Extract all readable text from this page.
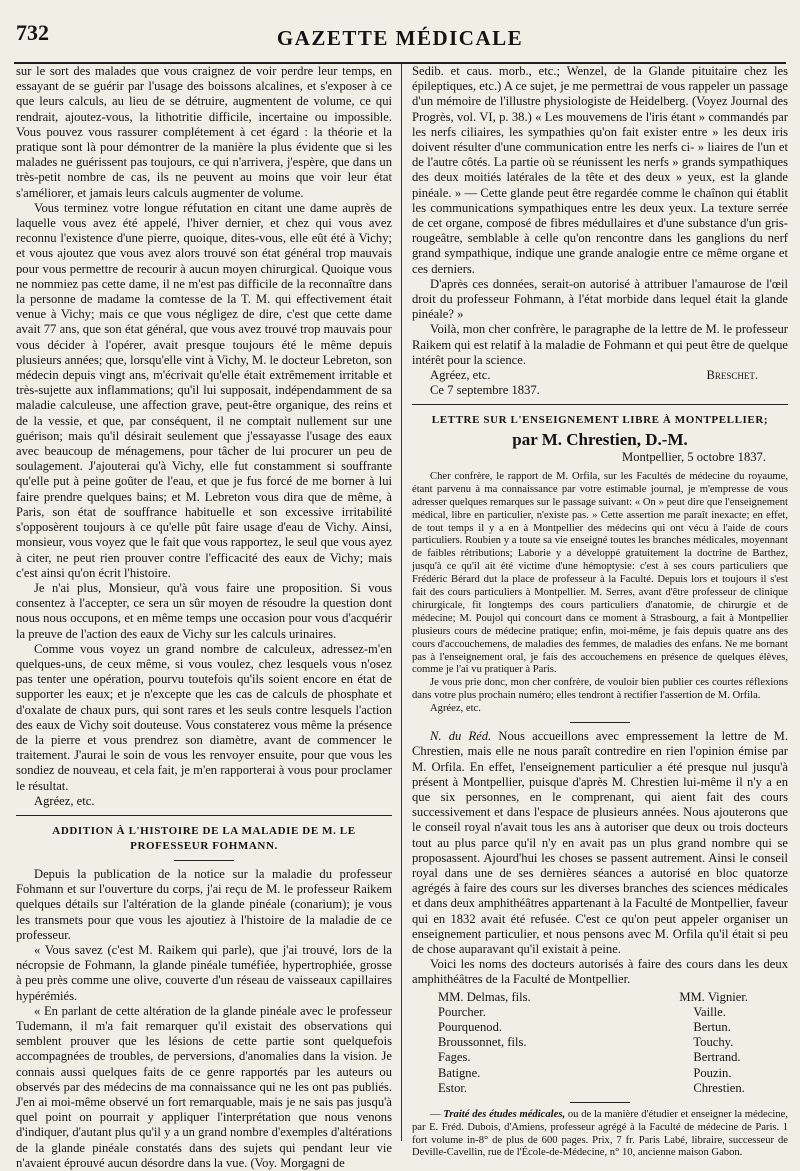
732	GAZETTE MÉDICALE

sur le sort des malades que vous craignez de voir perdre leur temps, en essayant de se guérir par l'usage des boissons alcalines, et s'exposer à ce que leurs calculs, au lieu de se détruire, augmentent de volume, ce qui rendrait, ajoutez-vous, la lithotritie difficile, incertaine ou impossible. Vous pouvez vous rassurer complétement à cet égard : la théorie et la pratique sont là pour démontrer de la manière la plus évidente que si les malades ne guérissent pas toujours, ce qui n'arrivera, j'espère, que dans un très-petit nombre de cas, ils ne peuvent au moins que voir leur état s'améliorer, et jamais leurs calculs augmenter de volume.

Vous terminez votre longue réfutation en citant une dame auprès de laquelle vous avez été appelé, l'hiver dernier, et chez qui vous avez reconnu l'existence d'une pierre, quoique, dites-vous, elle eût été à Vichy; et vous ajoutez que vous avez alors trouvé son état général trop mauvais pour vous permettre de recourir à aucun moyen chirurgical. Quoique vous ne nommiez pas cette dame, il ne m'est pas difficile de la reconnaître dans la personne de madame la comtesse de la T. M. qui effectivement était venue à Vichy; mais ce que vous négligez de dire, c'est que cette dame avait 77 ans, que son état général, que vous avez trouvé trop mauvais pour vous décider à l'opérer, avait presque toujours été le même depuis plusieurs années; que, lorsqu'elle vint à Vichy, M. le docteur Lebreton, son médecin depuis vingt ans, m'écrivait qu'elle était extrêmement irritable et très-sujette aux inflammations; qu'il lui supposait, indépendamment de sa maladie calculeuse, une affection grave, peut-être organique, des reins et de la vessie, et que, par conséquent, il ne comptait nullement sur une guérison; mais qu'il désirait seulement que j'essayasse l'usage des eaux avec beaucoup de ménagemens, pour tâcher de lui procurer un peu de soulagement. J'ajouterai qu'à Vichy, elle fut constamment si souffrante qu'elle put à peine goûter de l'eau, et que je fus forcé de me borner à lui faire prendre quelques bains; et M. Lebreton vous dira que de même, à Paris, son état de souffrance habituelle et son excessive irritabilité s'opposèrent toujours à ce qu'elle pût faire usage d'eau de Vichy. Ainsi, monsieur, vous voyez que le fait que vous rapportez, le seul que vous ayez à citer, ne peut rien prouver contre l'efficacité des eaux de Vichy; mais c'est ainsi qu'on écrit l'histoire.

Je n'ai plus, Monsieur, qu'à vous faire une proposition. Si vous consentez à l'accepter, ce sera un sûr moyen de résoudre la question dont nous nous occupons, et en même temps une occasion pour vous d'acquérir la preuve de l'action des eaux de Vichy sur les calculs urinaires.

Comme vous voyez un grand nombre de calculeux, adressez-m'en quelques-uns, de ceux même, si vous voulez, chez lesquels vous n'osez pas tenter une opération, pourvu toutefois qu'ils soient encore en état de supporter les eaux; et je n'excepte que les cas de calculs de phosphate et d'oxalate de chaux purs, qui sont rares et les seuls contre lesquels l'action des eaux de Vichy soit douteuse. Vous constaterez vous même la présence de la pierre et vous prendrez son diamètre, avant de commencer le traitement. J'aurai le soin de vous les renvoyer ensuite, pour que vous les sondiez de nouveau, et cela fait, je m'en rapporterai à vous pour proclamer le résultat.

Agréez, etc.

ADDITION À L'HISTOIRE DE LA MALADIE DE M. LE PROFESSEUR FOHMANN.

Depuis la publication de la notice sur la maladie du professeur Fohmann et sur l'ouverture du corps, j'ai reçu de M. le professeur Raikem quelques détails sur l'altération de la glande pinéale (conarium); je vous les transmets pour que vous les ajoutiez à l'histoire de la maladie de ce professeur.

« Vous savez (c'est M. Raikem qui parle), que j'ai trouvé, lors de la nécropsie de Fohmann, la glande pinéale tuméfiée, hypertrophiée, grosse à peu près comme une olive, couverte d'un réseau de vaisseaux capillaires hypérémiés.

« En parlant de cette altération de la glande pinéale avec le professeur Tudemann, il m'a fait remarquer qu'il existait des observations qui semblent prouver que les lésions de cette partie sont quelquefois accompagnées de troubles, de perversions, d'anomalies dans la vision. Je connais aussi quelques faits de ce genre rapportés par les auteurs ou observés par des médecins de ma connaissance qui ne les ont pas publiés. J'en ai moi-même observé un fort remarquable, mais je ne sais pas jusqu'à quel point on pourrait y appliquer l'interprétation que nous venons d'indiquer, d'autant plus qu'il y a un grand nombre d'exemples d'altérations de la glande pinéale constatés dans des sujets qui pendant leur vie n'avaient éprouvé aucun désordre dans la vue. (Voy. Morgagni de

Sedib. et caus. morb., etc.; Wenzel, de la Glande pituitaire chez les épileptiques, etc.) A ce sujet, je me permettrai de vous rappeler un passage d'un mémoire de l'illustre physiologiste de Heidelberg. (Voyez Journal des Progrès, vol. VI, p. 38.) « Les mouvemens de l'iris étant » commandés par les nerfs ciliaires, les sympathies qu'on fait exister entre » les deux iris doivent résulter d'une communication entre les nerfs ci- » liaires de l'un et de l'autre côtés. La partie où se réunissent les nerfs » grands sympathiques des deux moitiés latérales de la tête et des deux » yeux, est la glande pinéale. » — Cette glande peut être regardée comme le chaînon qui établit les communications sympathiques entre les deux yeux. La texture serrée de cet organe, composé de fibres médullaires et d'une substance d'un gris-rougeâtre, semblable à celle qu'on rencontre dans les ganglions du nerf grand sympathique, indique une grande analogie entre ce même organe et ces derniers.

D'après ces données, serait-on autorisé à attribuer l'amaurose de l'œil droit du professeur Fohmann, à l'état morbide dans lequel était la glande pinéale? »

Voilà, mon cher confrère, le paragraphe de la lettre de M. le professeur Raikem qui est relatif à la maladie de Fohmann et qui peut être de quelque intérêt pour la science.

Agréez, etc.	Breschet.

Ce 7 septembre 1837.

LETTRE SUR L'ENSEIGNEMENT LIBRE À MONTPELLIER;

par M. Chrestien, D.-M.

Montpellier, 5 octobre 1837.

Cher confrère, le rapport de M. Orfila, sur les Facultés de médecine du royaume, étant parvenu à ma connaissance par votre estimable journal, je m'empresse de vous adresser quelques remarques sur le passage suivant: « On » peut dire que l'enseignement médical, libre en particulier, n'existe pas. » Cette assertion me paraît inexacte; en effet, de tout temps il y a en à Montpellier des médecins qui ont vécu à l'aide de cours particuliers. Roubien y a toute sa vie enseigné toutes les branches médicales, moyennant de faibles rétributions; Laborie y a développé gratuitement la doctrine de Barthez, jusqu'à ce qu'il ait été victime d'une hémoptysie: c'est à ses cours particuliers que Frédéric Bérard dut la place de professeur à la Faculté. Depuis lors et toujours il s'est fait des cours particuliers à Montpellier. M. Serres, avant d'être professeur de clinique chirurgicale, fit longtemps des cours particuliers d'anatomie, de chirurgie et de médecine; M. Poujol qui concourt dans ce moment à Strasbourg, a fait à Montpellier plusieurs cours de médecine pratique; enfin, moi-même, je fais depuis quatre ans des cours d'accouchemens, de maladies des femmes, de maladies des enfans. Ne me bornant pas à l'enseignement oral, je fais des accouchemens en présence de quelques élèves, comme je l'ai vu pratiquer à Paris.

Je vous prie donc, mon cher confrère, de vouloir bien publier ces courtes réflexions dans votre plus prochain numéro; elles tendront à rectifier l'assertion de M. Orfila.

Agréez, etc.

N. du Réd. Nous accueillons avec empressement la lettre de M. Chrestien, mais elle ne nous paraît contredire en rien l'opinion émise par M. Orfila. En effet, l'enseignement particulier a été presque nul jusqu'à présent à Montpellier, puisque d'après M. Chrestien lui-même il n'y a en que six personnes, en le comprenant, qui aient fait des cours successivement et dans l'espace de plusieurs années. Nous ajouterons que le conseil royal n'avait tous les ans à autoriser que deux ou trois docteurs tout au plus parce qu'il n'y en avait pas un plus grand nombre qui se proposassent. Ajourd'hui les choses se passent autrement. Ainsi le conseil royal dans une de ses dernières séances a autorisé en bloc quatorze agrégés à faire des cours sur les diverses branches des sciences médicales et dans deux amphithéâtres appartenant à la Faculté de Montpellier, faveur qui en 1832 avait été refusée. C'est ce qu'on peut appeler organiser un enseignement particulier, et nous pensons avec M. Orfila qu'il était si peu de chose auparavant qu'il existait à peine.

Voici les noms des docteurs autorisés à faire des cours dans les deux amphithéâtres de la Faculté de Montpellier.

MM. Delmas, fils.
Pourcher.
Pourquenod.
Broussonnet, fils.
Fages.
Batigne.
Estor.
MM. Vignier.
Vaille.
Bertun.
Touchy.
Bertrand.
Pouzin.
Chrestien.

— Traité des études médicales, ou de la manière d'étudier et enseigner la médecine, par E. Fréd. Dubois, d'Amiens, professeur agrégé à la Faculté de médecine de Paris. 1 fort volume in-8° de plus de 600 pages. Prix, 7 fr. Paris Labé, libraire, successeur de Deville-Cavellin, rue de l'École-de-Médecine, n° 10, ancienne maison Gabon.
